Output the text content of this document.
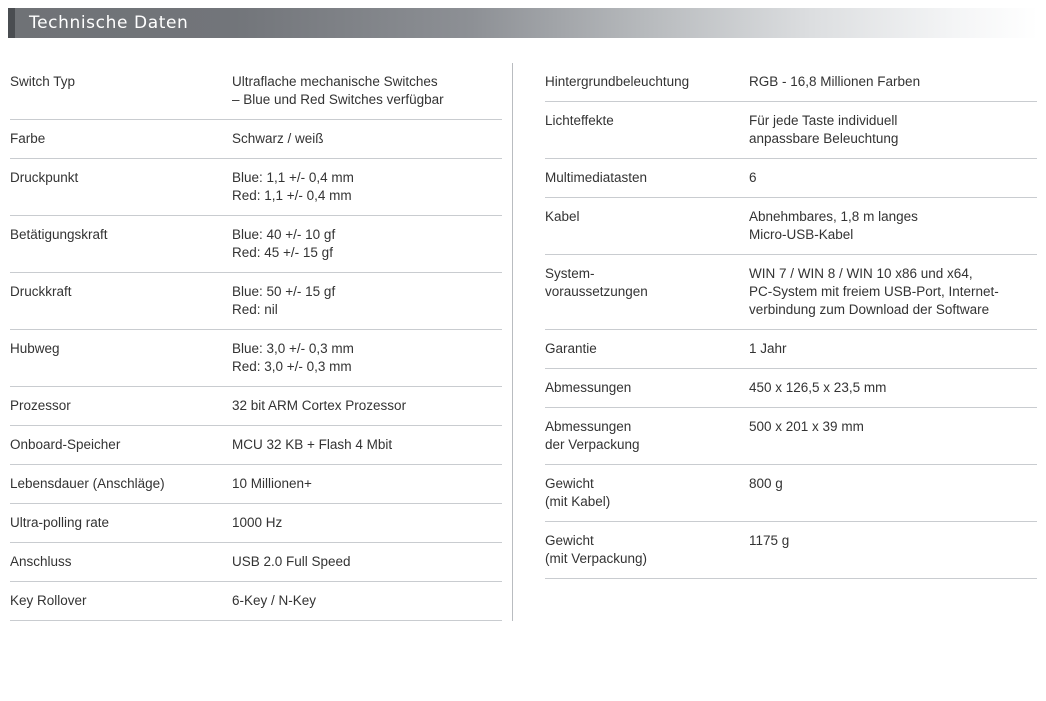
Technische Daten
Switch Typ	Ultraflache mechanische Switches
– Blue und Red Switches verfügbar

Farbe	Schwarz / weiß

Druckpunkt	Blue: 1,1 +/- 0,4 mm
Red: 1,1 +/- 0,4 mm

Betätigungskraft	Blue: 40 +/- 10 gf
Red: 45 +/- 15 gf

Druckkraft	Blue: 50 +/- 15 gf
Red: nil

Hubweg	Blue: 3,0 +/- 0,3 mm
Red: 3,0 +/- 0,3 mm

Prozessor	32 bit ARM Cortex Prozessor

Onboard-Speicher	MCU 32 KB + Flash 4 Mbit

Lebensdauer (Anschläge)	10 Millionen+

Ultra-polling rate	1000 Hz

Anschluss	USB 2.0 Full Speed

Key Rollover	6-Key / N-Key
Hintergrundbeleuchtung	RGB - 16,8 Millionen Farben

Lichteffekte	Für jede Taste individuell
anpassbare Beleuchtung

Multimediatasten	6

Kabel	Abnehmbares, 1,8 m langes
Micro-USB-Kabel

System-
voraussetzungen	WIN 7 / WIN 8 / WIN 10 x86 und x64,
PC-System mit freiem USB-Port, Internet-
verbindung zum Download der Software

Garantie	1 Jahr

Abmessungen	450 x 126,5 x 23,5 mm

Abmessungen
der Verpackung	500 x 201 x 39 mm

Gewicht
(mit Kabel)	800 g

Gewicht
(mit Verpackung)	1175 g
